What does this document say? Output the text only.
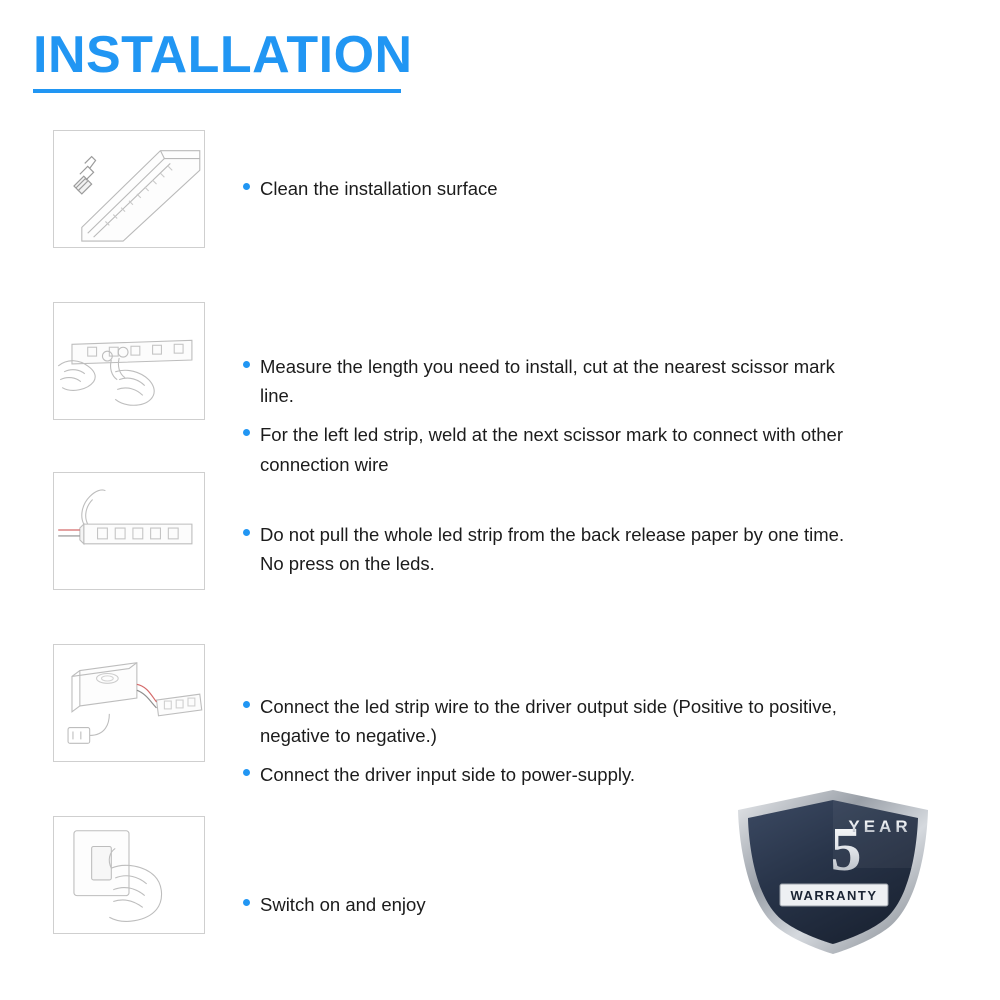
INSTALLATION
Clean the installation surface
Measure the length you need to install, cut at the nearest scissor mark line.
For the left led strip, weld at the next scissor mark to connect with other connection wire
Do not pull the whole led strip from the back release paper by one time. No press on the leds.
Connect the led strip wire to the driver output side (Positive to positive, negative to negative.)
Connect the driver input side to power-supply.
Switch on and enjoy
5
YEAR
WARRANTY
